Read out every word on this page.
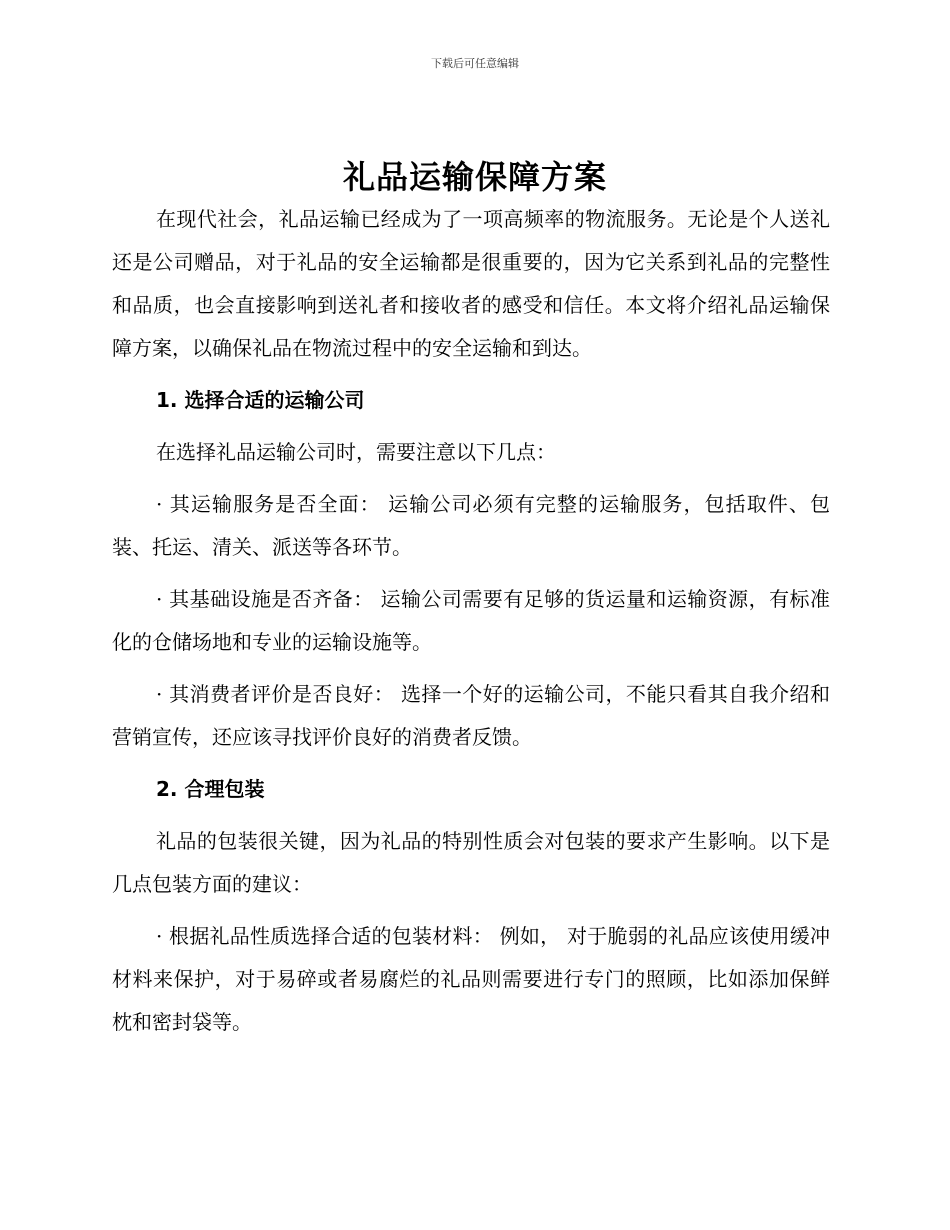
下载后可任意编辑
礼品运输保障方案

在现代社会，礼品运输已经成为了一项高频率的物流服务。无论是个人送礼还是公司赠品，对于礼品的安全运输都是很重要的，因为它关系到礼品的完整性和品质，也会直接影响到送礼者和接收者的感受和信任。本文将介绍礼品运输保障方案，以确保礼品在物流过程中的安全运输和到达。

1. 选择合适的运输公司

在选择礼品运输公司时，需要注意以下几点：

· 其运输服务是否全面： 运输公司必须有完整的运输服务，包括取件、包装、托运、清关、派送等各环节。

· 其基础设施是否齐备： 运输公司需要有足够的货运量和运输资源，有标准化的仓储场地和专业的运输设施等。

· 其消费者评价是否良好： 选择一个好的运输公司，不能只看其自我介绍和营销宣传，还应该寻找评价良好的消费者反馈。

2. 合理包装

礼品的包装很关键，因为礼品的特别性质会对包装的要求产生影响。以下是几点包装方面的建议：

· 根据礼品性质选择合适的包装材料： 例如， 对于脆弱的礼品应该使用缓冲材料来保护，对于易碎或者易腐烂的礼品则需要进行专门的照顾，比如添加保鲜枕和密封袋等。
